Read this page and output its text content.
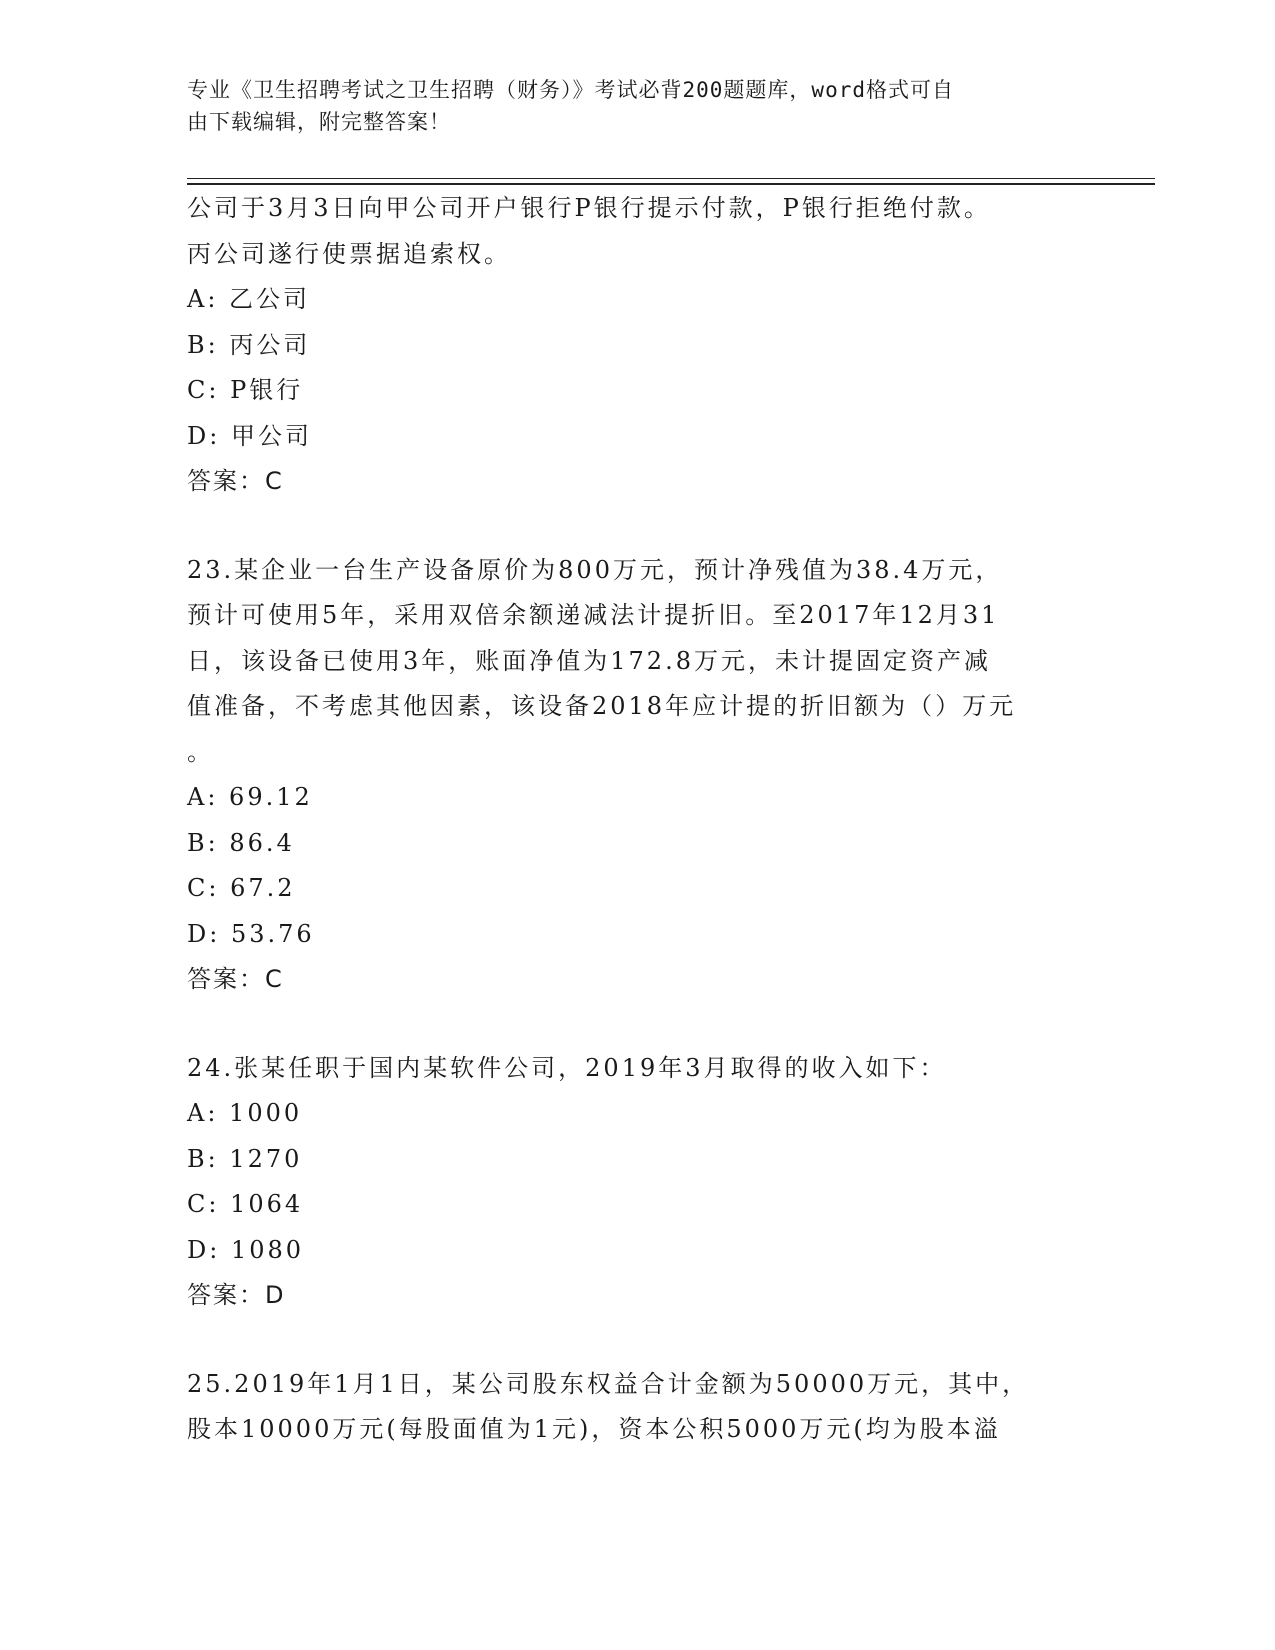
专业《卫生招聘考试之卫生招聘（财务）》考试必背200题题库，word格式可自
由下载编辑，附完整答案！
公司于3月3日向甲公司开户银行P银行提示付款，P银行拒绝付款。
丙公司遂行使票据追索权。
A: 乙公司
B: 丙公司
C: P银行
D: 甲公司
答案：C
23.某企业一台生产设备原价为800万元，预计净残值为38.4万元，
预计可使用5年，采用双倍余额递减法计提折旧。至2017年12月31
日，该设备已使用3年，账面净值为172.8万元，未计提固定资产减
值准备，不考虑其他因素，该设备2018年应计提的折旧额为（）万元
。
A: 69.12
B: 86.4
C: 67.2
D: 53.76
答案：C
24.张某任职于国内某软件公司，2019年3月取得的收入如下：
A: 1000
B: 1270
C: 1064
D: 1080
答案：D
25.2019年1月1日，某公司股东权益合计金额为50000万元，其中，
股本10000万元(每股面值为1元)，资本公积5000万元(均为股本溢
